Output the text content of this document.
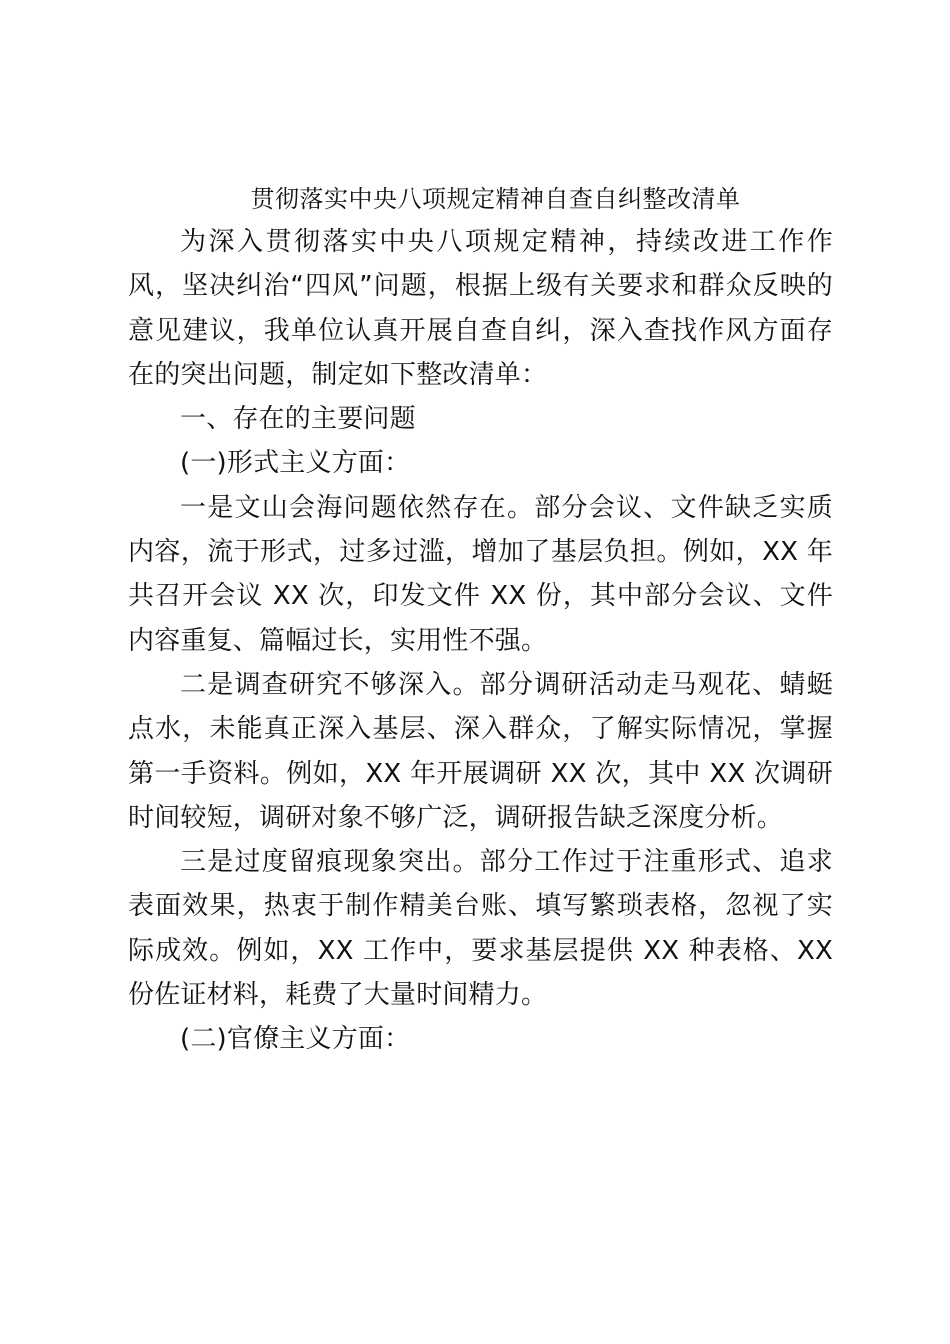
贯彻落实中央八项规定精神自查自纠整改清单

为深入贯彻落实中央八项规定精神，持续改进工作作风，坚决纠治“四风”问题，根据上级有关要求和群众反映的意见建议，我单位认真开展自查自纠，深入查找作风方面存在的突出问题，制定如下整改清单：

一、存在的主要问题

(一)形式主义方面：

一是文山会海问题依然存在。部分会议、文件缺乏实质内容，流于形式，过多过滥，增加了基层负担。例如，XX 年共召开会议 XX 次，印发文件 XX 份，其中部分会议、文件内容重复、篇幅过长，实用性不强。

二是调查研究不够深入。部分调研活动走马观花、蜻蜓点水，未能真正深入基层、深入群众，了解实际情况，掌握第一手资料。例如，XX 年开展调研 XX 次，其中 XX 次调研时间较短，调研对象不够广泛，调研报告缺乏深度分析。

三是过度留痕现象突出。部分工作过于注重形式、追求表面效果，热衷于制作精美台账、填写繁琐表格，忽视了实际成效。例如，XX 工作中，要求基层提供 XX 种表格、XX 份佐证材料，耗费了大量时间精力。

(二)官僚主义方面：
